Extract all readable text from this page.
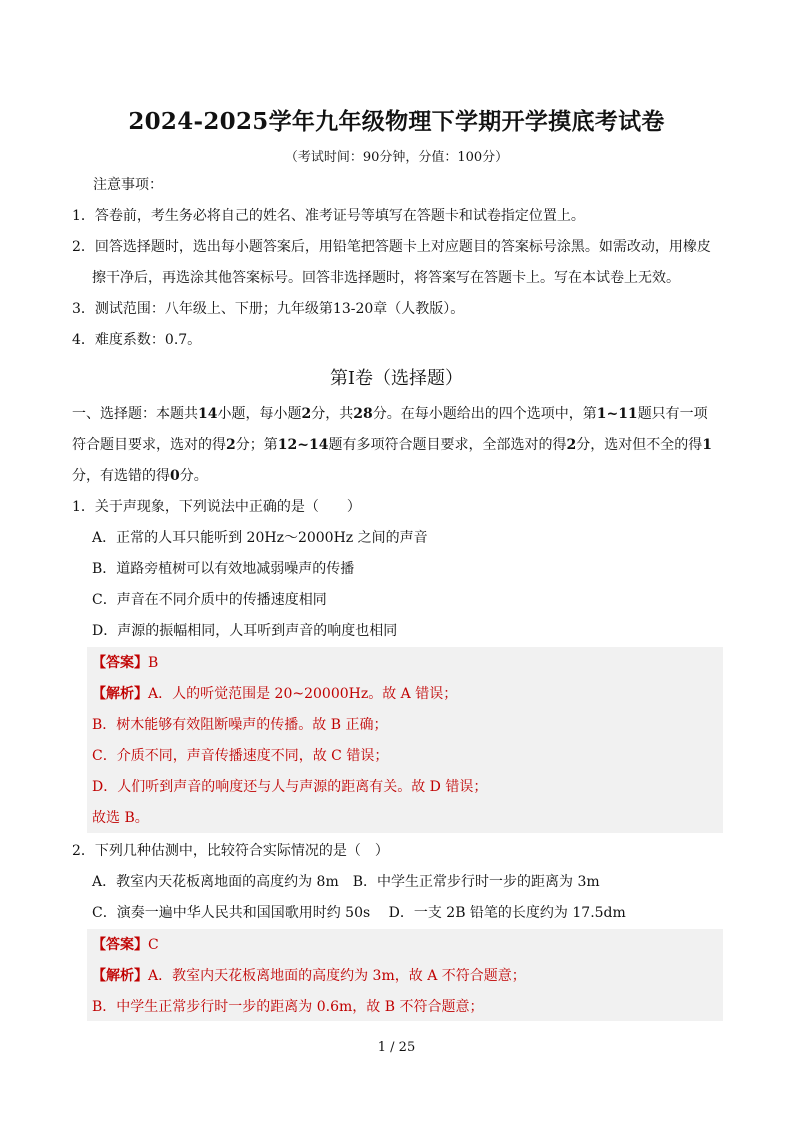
2024-2025学年九年级物理下学期开学摸底考试卷
（考试时间：90分钟，分值：100分）
注意事项：
1．答卷前，考生务必将自己的姓名、准考证号等填写在答题卡和试卷指定位置上。
2．回答选择题时，选出每小题答案后，用铅笔把答题卡上对应题目的答案标号涂黑。如需改动，用橡皮
擦干净后，再选涂其他答案标号。回答非选择题时，将答案写在答题卡上。写在本试卷上无效。
3．测试范围：八年级上、下册；九年级第13-20章（人教版）。
4．难度系数：0.7。
第Ⅰ卷（选择题）
一、选择题：本题共14小题，每小题2分，共28分。在每小题给出的四个选项中，第1~11题只有一项
符合题目要求，选对的得2分；第12~14题有多项符合题目要求，全部选对的得2分，选对但不全的得1
分，有选错的得0分。
1．关于声现象，下列说法中正确的是（　　）
A．正常的人耳只能听到 20Hz～2000Hz 之间的声音
B．道路旁植树可以有效地减弱噪声的传播
C．声音在不同介质中的传播速度相同
D．声源的振幅相同，人耳听到声音的响度也相同
【答案】B
【解析】A．人的听觉范围是 20~20000Hz。故 A 错误；
B．树木能够有效阻断噪声的传播。故 B 正确；
C．介质不同，声音传播速度不同，故 C 错误；
D．人们听到声音的响度还与人与声源的距离有关。故 D 错误；
故选 B。
2．下列几种估测中，比较符合实际情况的是（　）
A．教室内天花板离地面的高度约为 8m　B．中学生正常步行时一步的距离为 3m
C．演奏一遍中华人民共和国国歌用时约 50s　 D．一支 2B 铅笔的长度约为 17.5dm
【答案】C
【解析】A．教室内天花板离地面的高度约为 3m，故 A 不符合题意；
B．中学生正常步行时一步的距离为 0.6m，故 B 不符合题意；
1 / 25
